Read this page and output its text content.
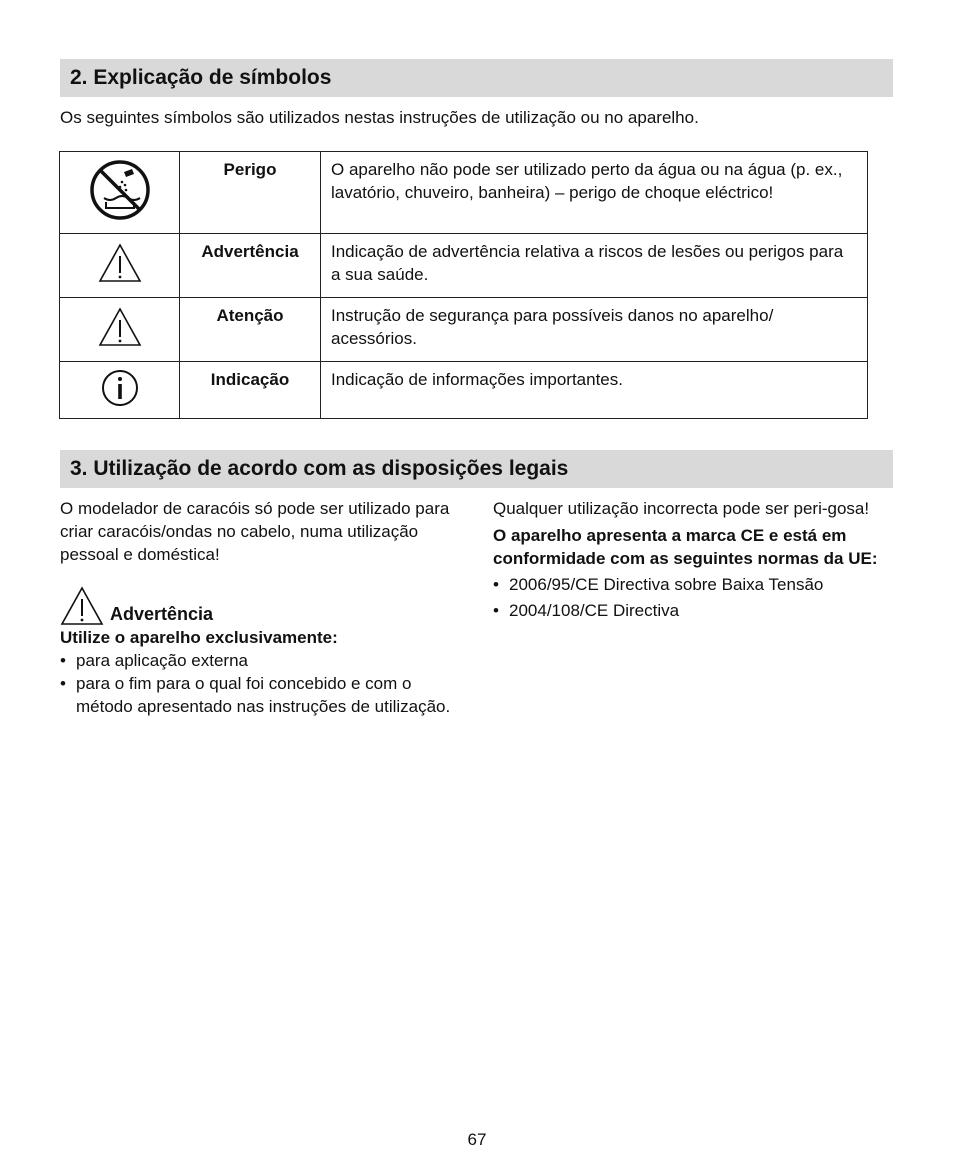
2. Explicação de símbolos
Os seguintes símbolos são utilizados nestas instruções de utilização ou no aparelho.
	Perigo	O aparelho não pode ser utilizado perto da água ou na água (p. ex., lavatório, chuveiro, banheira) – perigo de choque eléctrico!
	Advertência	Indicação de advertência relativa a riscos de lesões ou perigos para a sua saúde.
	Atenção	Instrução de segurança para possíveis danos no aparelho/ acessórios.
	Indicação	Indicação de informações importantes.
3. Utilização de acordo com as disposições legais

O modelador de caracóis só pode ser utilizado para criar caracóis/ondas no cabelo, numa utilização pessoal e doméstica!

Advertência

Utilize o aparelho exclusivamente:

• para aplicação externa
• para o fim para o qual foi concebido e com o método apresentado nas instruções de utilização.

Qualquer utilização incorrecta pode ser peri-gosa!

O aparelho apresenta a marca CE e está em conformidade com as seguintes normas da UE:

• 2006/95/CE Directiva sobre Baixa Tensão
• 2004/108/CE Directiva
67
